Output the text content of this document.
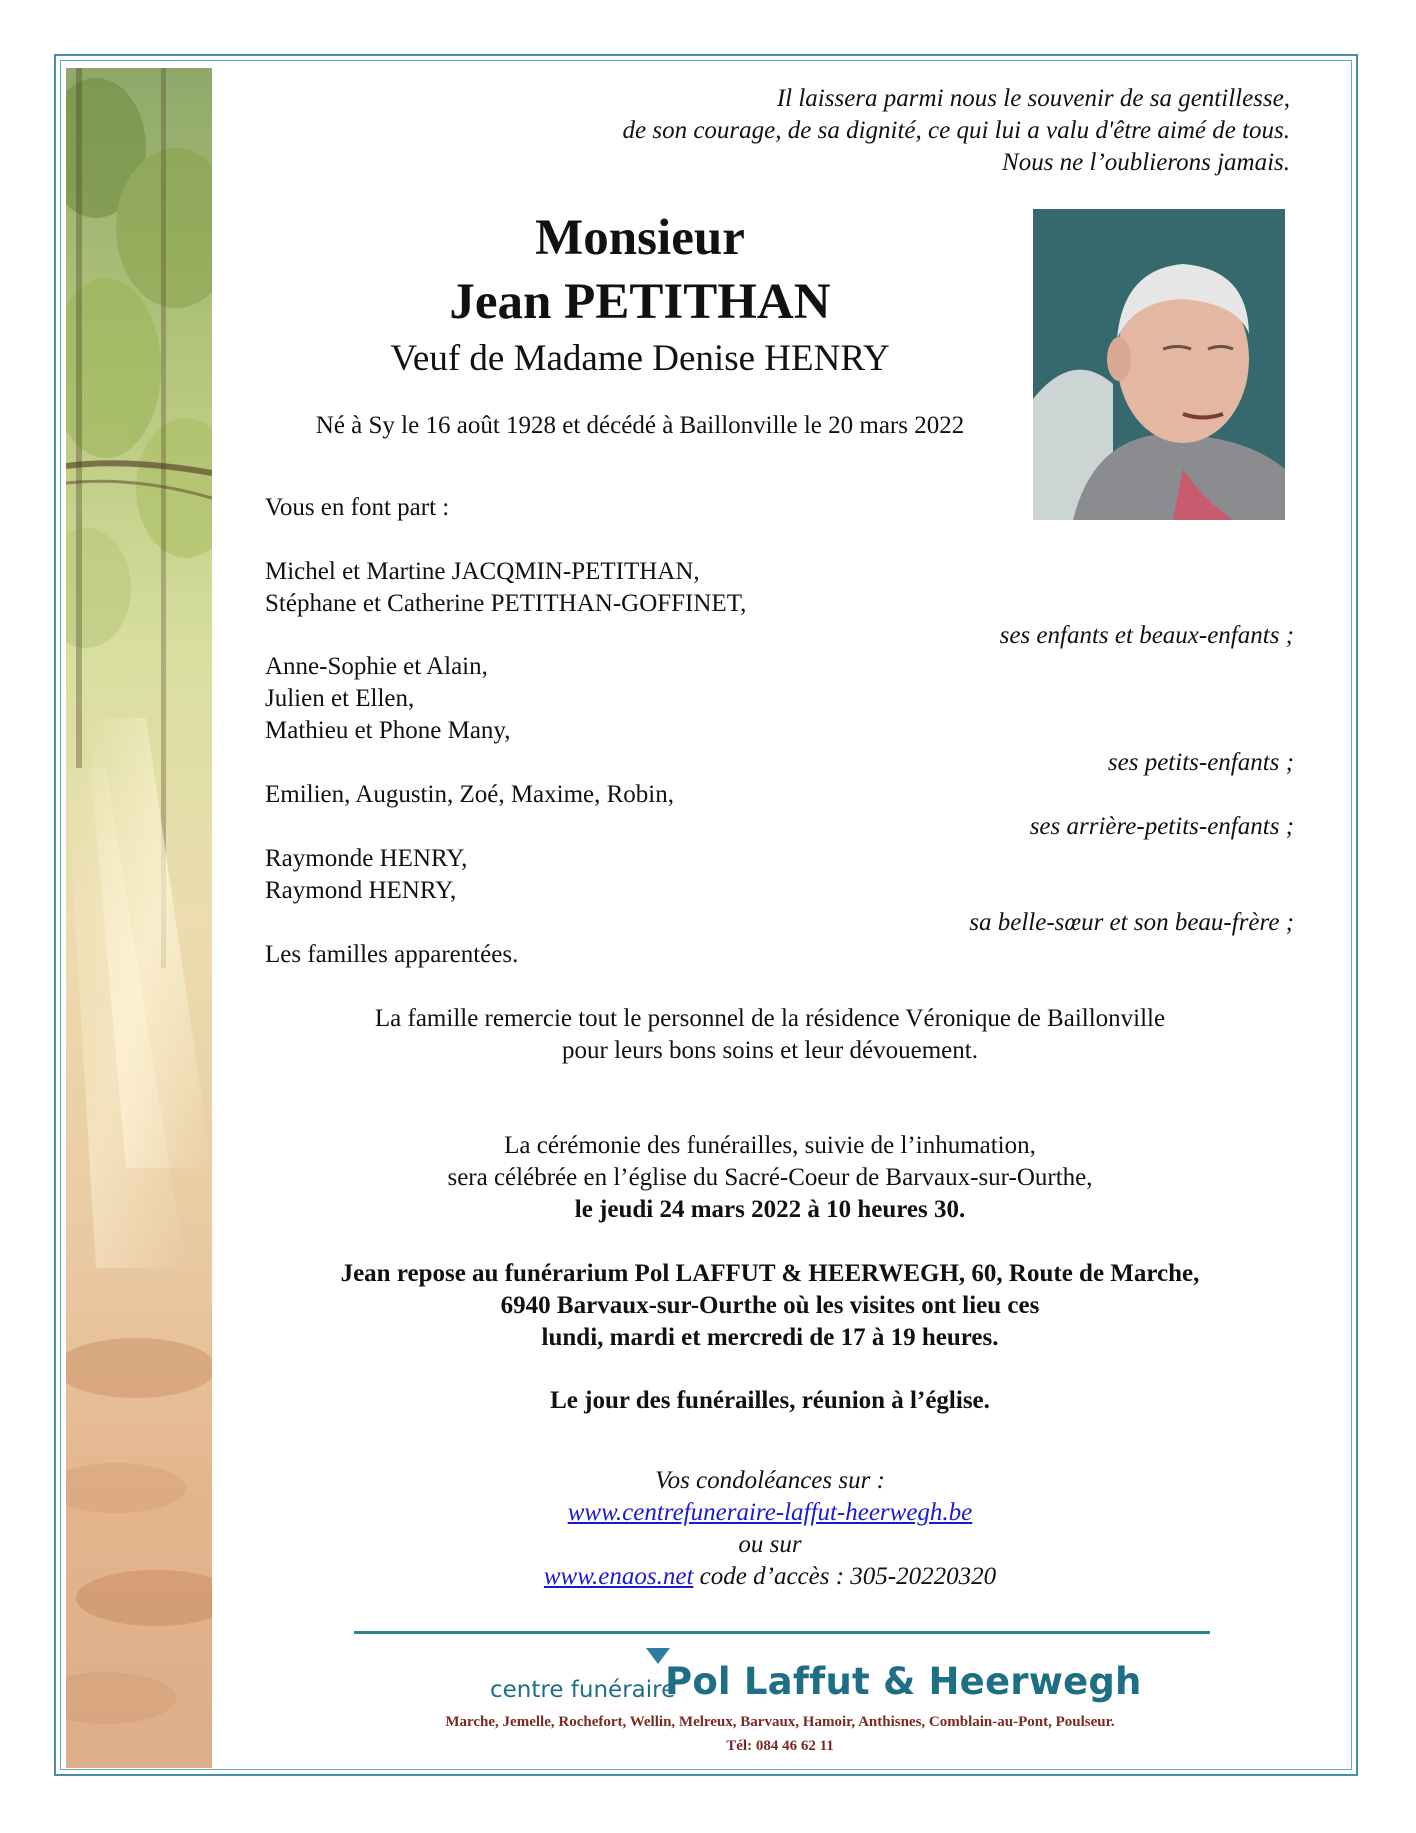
Il laissera parmi nous le souvenir de sa gentillesse,

de son courage, de sa dignité, ce qui lui a valu d'être aimé de tous.

Nous ne l’oublierons jamais.

Monsieur

Jean PETITHAN

Veuf de Madame Denise HENRY

Né à Sy le 16 août 1928 et décédé à Baillonville le 20 mars 2022

Vous en font part :

Michel et Martine JACQMIN-PETITHAN,

Stéphane et Catherine PETITHAN-GOFFINET,

ses enfants et beaux-enfants ;

Anne-Sophie et Alain,

Julien et Ellen,

Mathieu et Phone Many,

ses petits-enfants ;

Emilien, Augustin, Zoé, Maxime, Robin,

ses arrière-petits-enfants ;

Raymonde HENRY,

Raymond HENRY,

sa belle-sœur et son beau-frère ;

Les familles apparentées.

La famille remercie tout le personnel de la résidence Véronique de Baillonville

pour leurs bons soins et leur dévouement.

La cérémonie des funérailles, suivie de l’inhumation,

sera célébrée en l’église du Sacré-Coeur de Barvaux-sur-Ourthe,

le jeudi 24 mars 2022 à 10 heures 30.

Jean repose au funérarium Pol LAFFUT & HEERWEGH, 60, Route de Marche,

6940 Barvaux-sur-Ourthe où les visites ont lieu ces

lundi, mardi et mercredi de 17 à 19 heures.

Le jour des funérailles, réunion à l’église.

Vos condoléances sur :

www.centrefuneraire-laffut-heerwegh.be

ou sur

www.enaos.net code d’accès : 305-20220320

centre funéraire
Pol Laffut & Heerwegh
Marche, Jemelle, Rochefort, Wellin, Melreux, Barvaux, Hamoir, Anthisnes, Comblain-au-Pont, Poulseur.
Tél: 084 46 62 11
